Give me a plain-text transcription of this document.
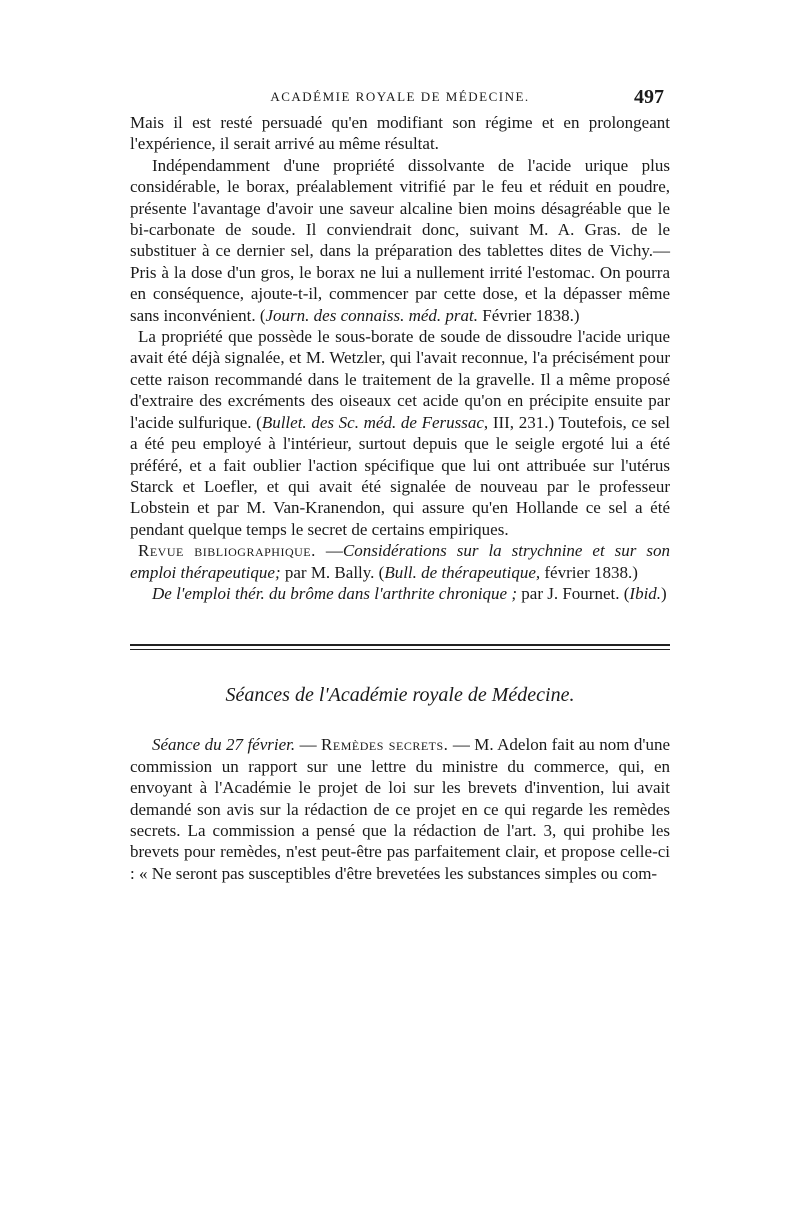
ACADÉMIE ROYALE DE MÉDECINE.	497

Mais il est resté persuadé qu'en modifiant son régime et en prolongeant l'expérience, il serait arrivé au même résultat.

Indépendamment d'une propriété dissolvante de l'acide urique plus considérable, le borax, préalablement vitrifié par le feu et réduit en poudre, présente l'avantage d'avoir une saveur alcaline bien moins désagréable que le bi-carbonate de soude. Il conviendrait donc, suivant M. A. Gras. de le substituer à ce dernier sel, dans la préparation des tablettes dites de Vichy.—Pris à la dose d'un gros, le borax ne lui a nullement irrité l'estomac. On pourra en conséquence, ajoute-t-il, commencer par cette dose, et la dépasser même sans inconvénient. (Journ. des connaiss. méd. prat. Février 1838.)

La propriété que possède le sous-borate de soude de dissoudre l'acide urique avait été déjà signalée, et M. Wetzler, qui l'avait reconnue, l'a précisément pour cette raison recommandé dans le traitement de la gravelle. Il a même proposé d'extraire des excréments des oiseaux cet acide qu'on en précipite ensuite par l'acide sulfurique. (Bullet. des Sc. méd. de Ferussac, III, 231.) Toutefois, ce sel a été peu employé à l'intérieur, surtout depuis que le seigle ergoté lui a été préféré, et a fait oublier l'action spécifique que lui ont attribuée sur l'utérus Starck et Loefler, et qui avait été signalée de nouveau par le professeur Lobstein et par M. Van-Kranendon, qui assure qu'en Hollande ce sel a été pendant quelque temps le secret de certains empiriques.

Revue bibliographique. —Considérations sur la strychnine et sur son emploi thérapeutique; par M. Bally. (Bull. de thérapeutique, février 1838.)

De l'emploi thér. du brôme dans l'arthrite chronique ; par J. Fournet. (Ibid.)

Séances de l'Académie royale de Médecine.

Séance du 27 février. — Remèdes secrets. — M. Adelon fait au nom d'une commission un rapport sur une lettre du ministre du commerce, qui, en envoyant à l'Académie le projet de loi sur les brevets d'invention, lui avait demandé son avis sur la rédaction de ce projet en ce qui regarde les remèdes secrets. La commission a pensé que la rédaction de l'art. 3, qui prohibe les brevets pour remèdes, n'est peut-être pas parfaitement clair, et propose celle-ci : « Ne seront pas susceptibles d'être brevetées les substances simples ou com-
